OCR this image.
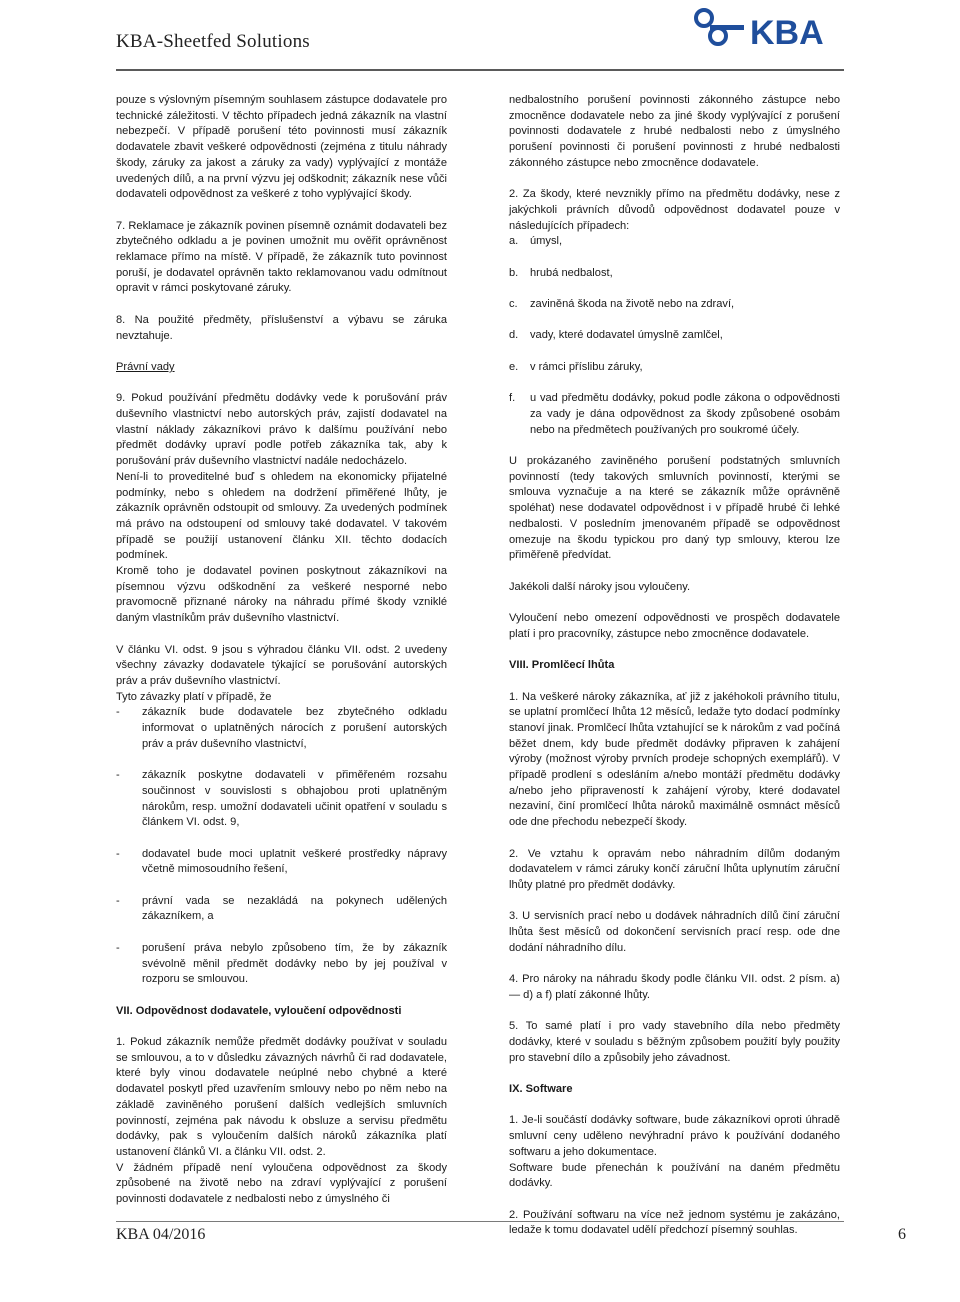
KBA-Sheetfed Solutions	KBA

pouze s výslovným písemným souhlasem zástupce dodavatele pro technické záležitosti. V těchto případech jedná zákazník na vlastní nebezpečí. V případě porušení této povinnosti musí zákazník dodavatele zbavit veškeré odpovědnosti (zejména z titulu náhrady škody, záruky za jakost a záruky za vady) vyplývající z montáže uvedených dílů, a na první výzvu jej odškodnit; zákazník nese vůči dodavateli odpovědnost za veškeré z toho vyplývající škody.

7. Reklamace je zákazník povinen písemně oznámit dodavateli bez zbytečného odkladu a je povinen umožnit mu ověřit oprávněnost reklamace přímo na místě. V případě, že zákazník tuto povinnost poruší, je dodavatel oprávněn takto reklamovanou vadu odmítnout opravit v rámci poskytované záruky.

8. Na použité předměty, příslušenství a výbavu se záruka nevztahuje.

Právní vady

9. Pokud používání předmětu dodávky vede k porušování práv duševního vlastnictví nebo autorských práv, zajistí dodavatel na vlastní náklady zákazníkovi právo k dalšímu používání nebo předmět dodávky upraví podle potřeb zákazníka tak, aby k porušování práv duševního vlastnictví nadále nedocházelo.

Není-li to proveditelné buď s ohledem na ekonomicky přijatelné podmínky, nebo s ohledem na dodržení přiměřené lhůty, je zákazník oprávněn odstoupit od smlouvy. Za uvedených podmínek má právo na odstoupení od smlouvy také dodavatel. V takovém případě se použijí ustanovení článku XII. těchto dodacích podmínek.

Kromě toho je dodavatel povinen poskytnout zákazníkovi na písemnou výzvu odškodnění za veškeré nesporné nebo pravomocně přiznané nároky na náhradu přímé škody vzniklé daným vlastníkům práv duševního vlastnictví.

V článku VI. odst. 9 jsou s výhradou článku VII. odst. 2 uvedeny všechny závazky dodavatele týkající se porušování autorských práv a práv duševního vlastnictví.

Tyto závazky platí v případě, že

- zákazník bude dodavatele bez zbytečného odkladu informovat o uplatněných nárocích z porušení autorských práv a práv duševního vlastnictví,

- zákazník poskytne dodavateli v přiměřeném rozsahu součinnost v souvislosti s obhajobou proti uplatněným nárokům, resp. umožní dodavateli učinit opatření v souladu s článkem VI. odst. 9,

- dodavatel bude moci uplatnit veškeré prostředky nápravy včetně mimosoudního řešení,

- právní vada se nezakládá na pokynech udělených zákazníkem, a

- porušení práva nebylo způsobeno tím, že by zákazník svévolně měnil předmět dodávky nebo by jej používal v rozporu se smlouvou.

VII. Odpovědnost dodavatele, vyloučení odpovědnosti

1. Pokud zákazník nemůže předmět dodávky používat v souladu se smlouvou, a to v důsledku závazných návrhů či rad dodavatele, které byly vinou dodavatele neúplné nebo chybné a které dodavatel poskytl před uzavřením smlouvy nebo po něm nebo na základě zaviněného porušení dalších vedlejších smluvních povinností, zejména pak návodu k obsluze a servisu předmětu dodávky, pak s vyloučením dalších nároků zákazníka platí ustanovení článků VI. a článku VII. odst. 2.

V žádném případě není vyloučena odpovědnost za škody způsobené na životě nebo na zdraví vyplývající z porušení povinnosti dodavatele z nedbalosti nebo z úmyslného či

nedbalostního porušení povinnosti zákonného zástupce nebo zmocněnce dodavatele nebo za jiné škody vyplývající z porušení povinnosti dodavatele z hrubé nedbalosti nebo z úmyslného porušení povinnosti či porušení povinnosti z hrubé nedbalosti zákonného zástupce nebo zmocněnce dodavatele.

2. Za škody, které nevznikly přímo na předmětu dodávky, nese z jakýchkoli právních důvodů odpovědnost dodavatel pouze v následujících případech:

a. úmysl,

b. hrubá nedbalost,

c. zaviněná škoda na životě nebo na zdraví,

d. vady, které dodavatel úmyslně zamlčel,

e. v rámci příslibu záruky,

f. u vad předmětu dodávky, pokud podle zákona o odpovědnosti za vady je dána odpovědnost za škody způsobené osobám nebo na předmětech používaných pro soukromé účely.

U prokázaného zaviněného porušení podstatných smluvních povinností (tedy takových smluvních povinností, kterými se smlouva vyznačuje a na které se zákazník může oprávněně spoléhat) nese dodavatel odpovědnost i v případě hrubé či lehké nedbalosti. V posledním jmenovaném případě se odpovědnost omezuje na škodu typickou pro daný typ smlouvy, kterou lze přiměřeně předvídat.

Jakékoli další nároky jsou vyloučeny.

Vyloučení nebo omezení odpovědnosti ve prospěch dodavatele platí i pro pracovníky, zástupce nebo zmocněnce dodavatele.

VIII. Promlčecí lhůta

1. Na veškeré nároky zákazníka, ať již z jakéhokoli právního titulu, se uplatní promlčecí lhůta 12 měsíců, ledaže tyto dodací podmínky stanoví jinak. Promlčecí lhůta vztahující se k nárokům z vad počíná běžet dnem, kdy bude předmět dodávky připraven k zahájení výroby (možnost výroby prvních prodeje schopných exemplářů). V případě prodlení s odesláním a/nebo montáží předmětu dodávky a/nebo jeho připraveností k zahájení výroby, které dodavatel nezaviní, činí promlčecí lhůta nároků maximálně osmnáct měsíců ode dne přechodu nebezpečí škody.

2. Ve vztahu k opravám nebo náhradním dílům dodaným dodavatelem v rámci záruky končí záruční lhůta uplynutím záruční lhůty platné pro předmět dodávky.

3. U servisních prací nebo u dodávek náhradních dílů činí záruční lhůta šest měsíců od dokončení servisních prací resp. ode dne dodání náhradního dílu.

4. Pro nároky na náhradu škody podle článku VII. odst. 2 písm. a) — d) a f) platí zákonné lhůty.

5. To samé platí i pro vady stavebního díla nebo předměty dodávky, které v souladu s běžným způsobem použití byly použity pro stavební dílo a způsobily jeho závadnost.

IX. Software

1. Je-li součástí dodávky software, bude zákazníkovi oproti úhradě smluvní ceny uděleno nevýhradní právo k používání dodaného softwaru a jeho dokumentace.

Software bude přenechán k používání na daném předmětu dodávky.

2. Používání softwaru na více než jednom systému je zakázáno, ledaže k tomu dodavatel udělí předchozí písemný souhlas.

KBA 04/2016	6
